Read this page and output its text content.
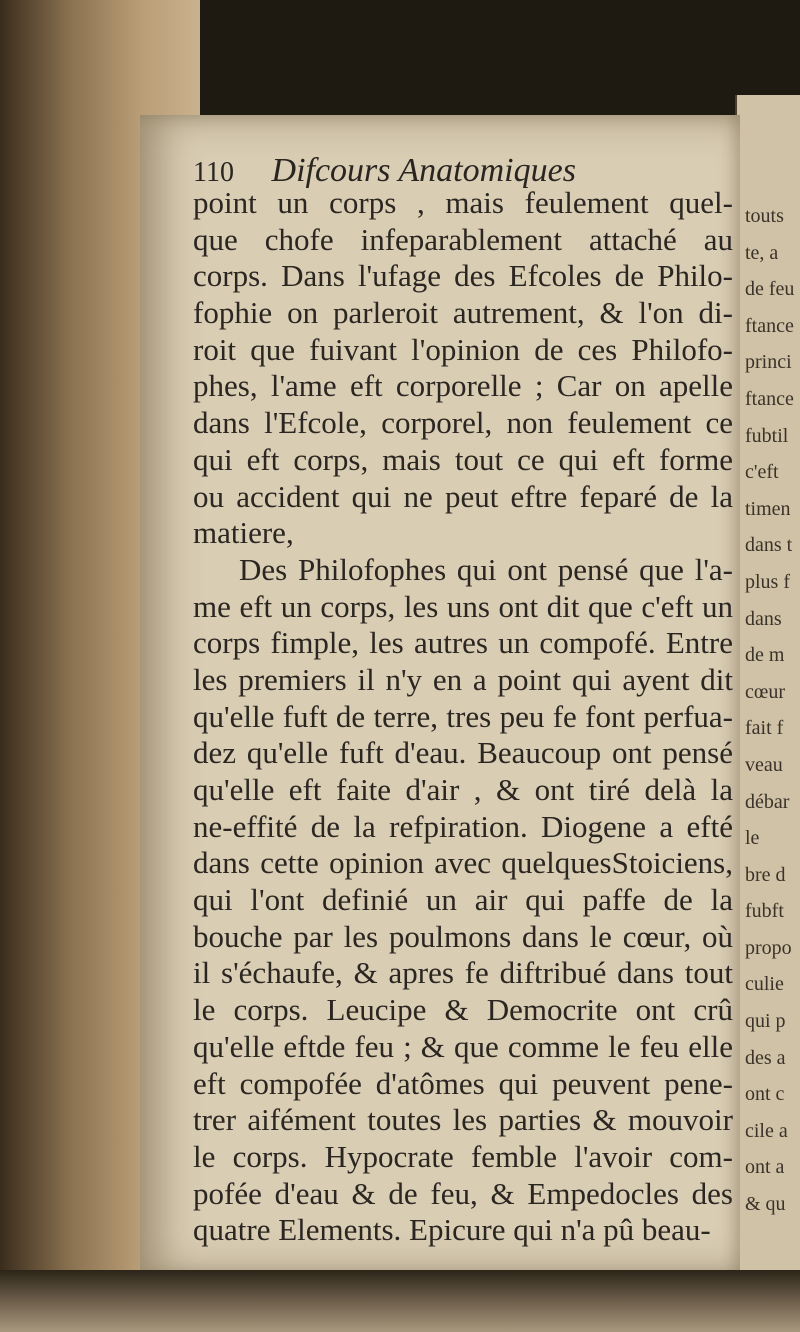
touts
te, a
de feu
ftance
princi
ftance
fubtil
c'eft
timen
dans t
plus f
dans
de m
cœur
fait f
veau
débar
le
bre d
fubft
propo
culie
qui p
des a
ont c
cile a
ont a
& qu
110 Difcours Anatomiques
point un corps , mais feulement quel-
que chofe infeparablement attaché au
corps. Dans l'ufage des Efcoles de Philo-
fophie on parleroit autrement, & l'on di-
roit que fuivant l'opinion de ces Philofo-
phes, l'ame eft corporelle ; Car on apelle
dans l'Efcole, corporel, non feulement ce
qui eft corps, mais tout ce qui eft forme
ou accident qui ne peut eftre feparé de la
matiere,
Des Philofophes qui ont pensé que l'a-
me eft un corps, les uns ont dit que c'eft un
corps fimple, les autres un compofé. Entre
les premiers il n'y en a point qui ayent dit
qu'elle fuft de terre, tres peu fe font perfua-
dez qu'elle fuft d'eau. Beaucoup ont pensé
qu'elle eft faite d'air , & ont tiré delà la
ne-effité de la refpiration. Diogene a efté
dans cette opinion avec quelquesStoiciens,
qui l'ont definié un air qui paffe de la
bouche par les poulmons dans le cœur, où
il s'échaufe, & apres fe diftribué dans tout
le corps. Leucipe & Democrite ont crû
qu'elle eftde feu ; & que comme le feu elle
eft compofée d'atômes qui peuvent pene-
trer aifément toutes les parties & mouvoir
le corps. Hypocrate femble l'avoir com-
pofée d'eau & de feu, & Empedocles des
quatre Elements. Epicure qui n'a pû beau-
